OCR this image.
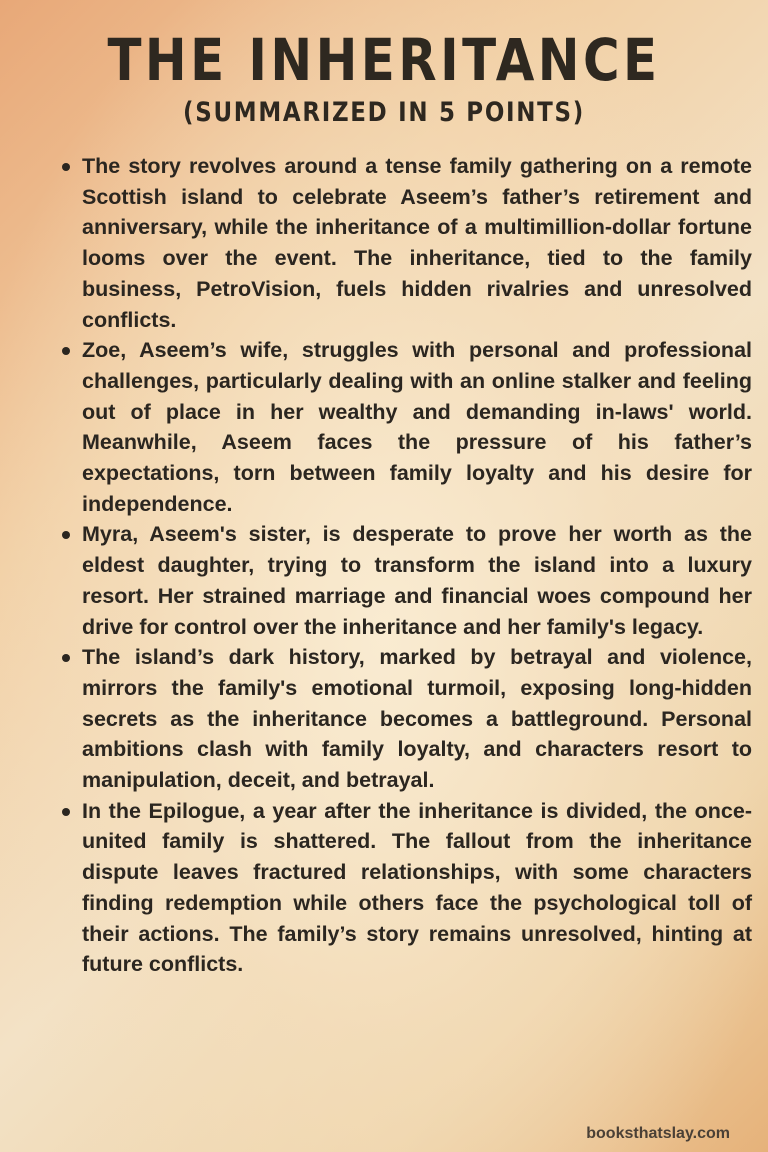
THE INHERITANCE
(SUMMARIZED IN 5 POINTS)
The story revolves around a tense family gathering on a remote Scottish island to celebrate Aseem’s father’s retirement and anniversary, while the inheritance of a multimillion-dollar fortune looms over the event. The inheritance, tied to the family business, PetroVision, fuels hidden rivalries and unresolved conflicts.
Zoe, Aseem’s wife, struggles with personal and professional challenges, particularly dealing with an online stalker and feeling out of place in her wealthy and demanding in-laws' world. Meanwhile, Aseem faces the pressure of his father’s expectations, torn between family loyalty and his desire for independence.
Myra, Aseem's sister, is desperate to prove her worth as the eldest daughter, trying to transform the island into a luxury resort. Her strained marriage and financial woes compound her drive for control over the inheritance and her family's legacy.
The island’s dark history, marked by betrayal and violence, mirrors the family's emotional turmoil, exposing long-hidden secrets as the inheritance becomes a battleground. Personal ambitions clash with family loyalty, and characters resort to manipulation, deceit, and betrayal.
In the Epilogue, a year after the inheritance is divided, the once-united family is shattered. The fallout from the inheritance dispute leaves fractured relationships, with some characters finding redemption while others face the psychological toll of their actions. The family’s story remains unresolved, hinting at future conflicts.
booksthatslay.com
